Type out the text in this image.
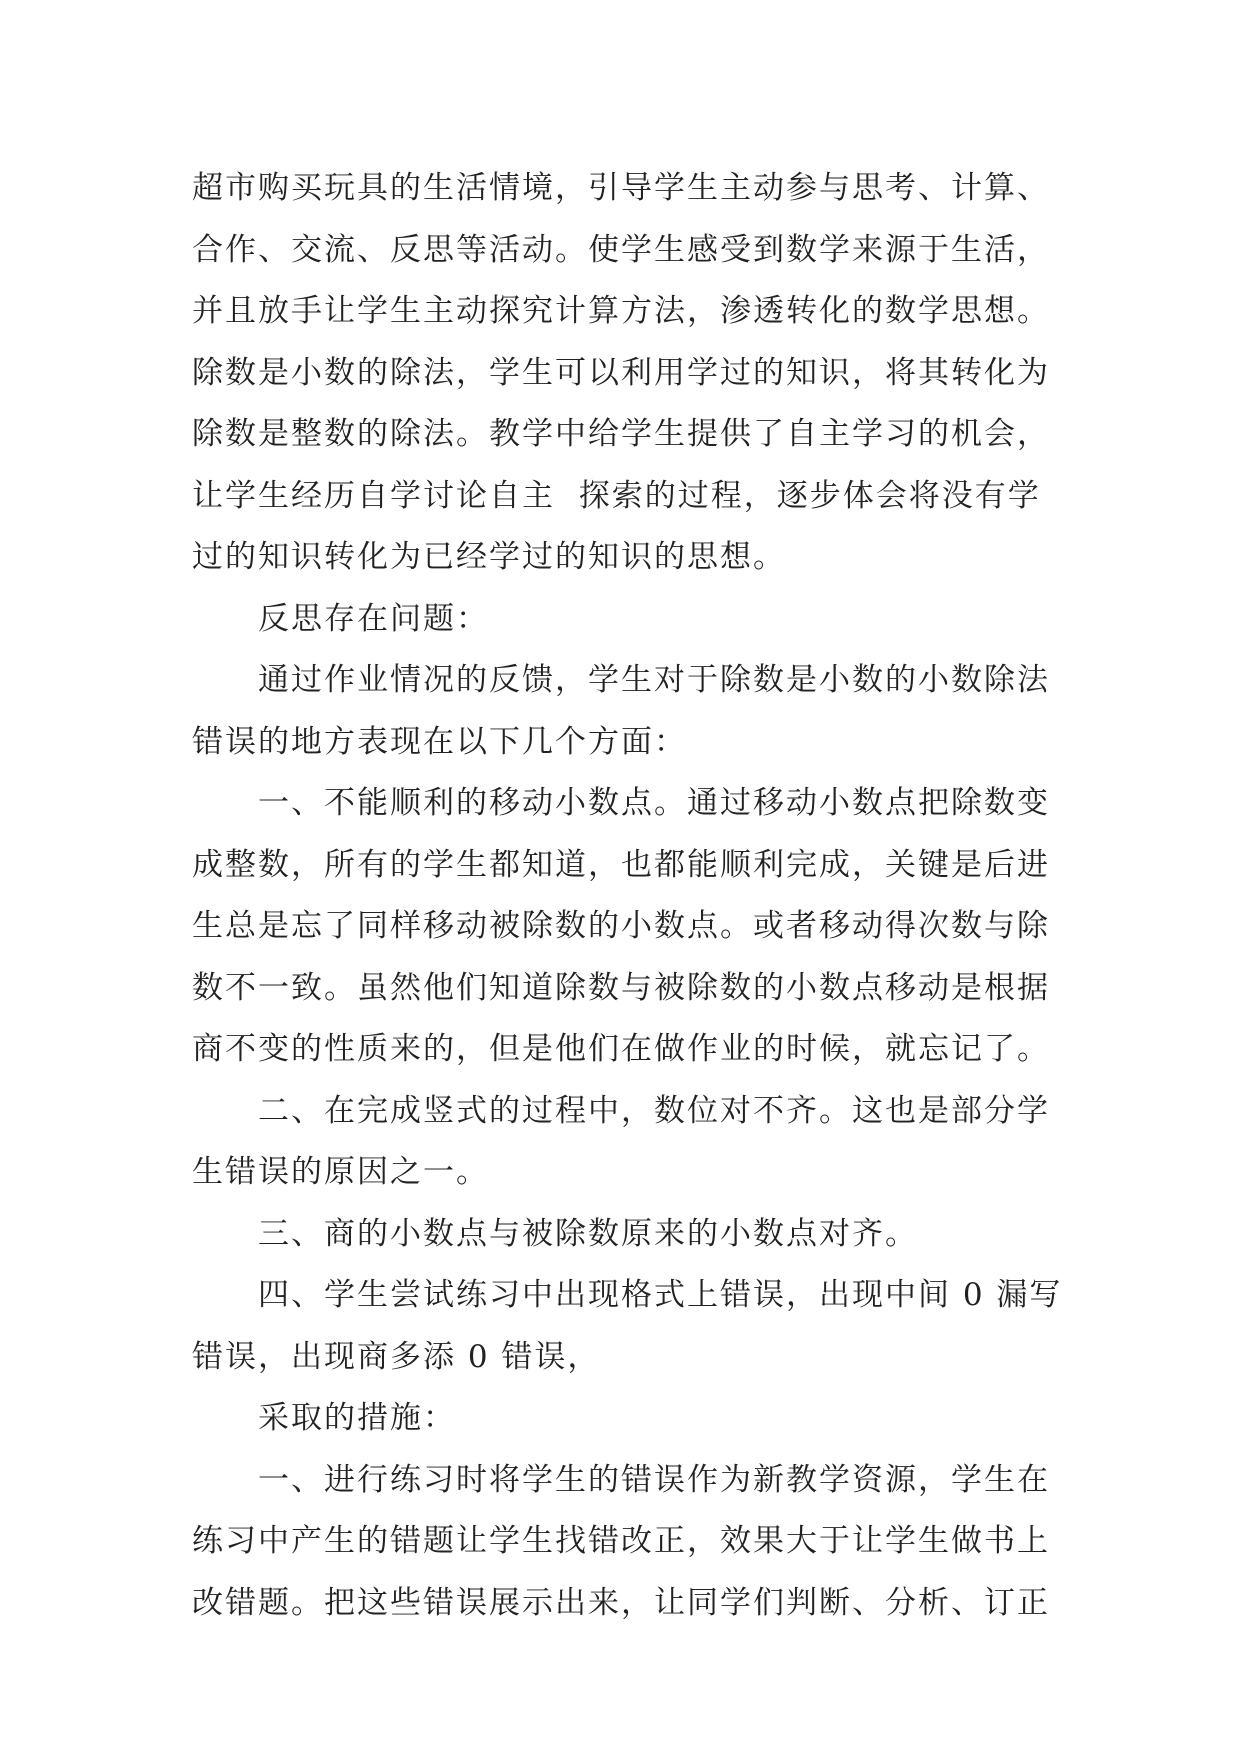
超市购买玩具的生活情境，引导学生主动参与思考、计算、
合作、交流、反思等活动。使学生感受到数学来源于生活，
并且放手让学生主动探究计算方法，渗透转化的数学思想。
除数是小数的除法，学生可以利用学过的知识，将其转化为
除数是整数的除法。教学中给学生提供了自主学习的机会，
让学生经历自学讨论自主  探索的过程，逐步体会将没有学
过的知识转化为已经学过的知识的思想。
反思存在问题：
通过作业情况的反馈，学生对于除数是小数的小数除法
错误的地方表现在以下几个方面：
一、不能顺利的移动小数点。通过移动小数点把除数变
成整数，所有的学生都知道，也都能顺利完成，关键是后进
生总是忘了同样移动被除数的小数点。或者移动得次数与除
数不一致。虽然他们知道除数与被除数的小数点移动是根据
商不变的性质来的，但是他们在做作业的时候，就忘记了。
二、在完成竖式的过程中，数位对不齐。这也是部分学
生错误的原因之一。
三、商的小数点与被除数原来的小数点对齐。
四、学生尝试练习中出现格式上错误，出现中间 0 漏写
错误，出现商多添 0 错误，
采取的措施：
一、进行练习时将学生的错误作为新教学资源，学生在
练习中产生的错题让学生找错改正，效果大于让学生做书上
改错题。把这些错误展示出来，让同学们判断、分析、订正
